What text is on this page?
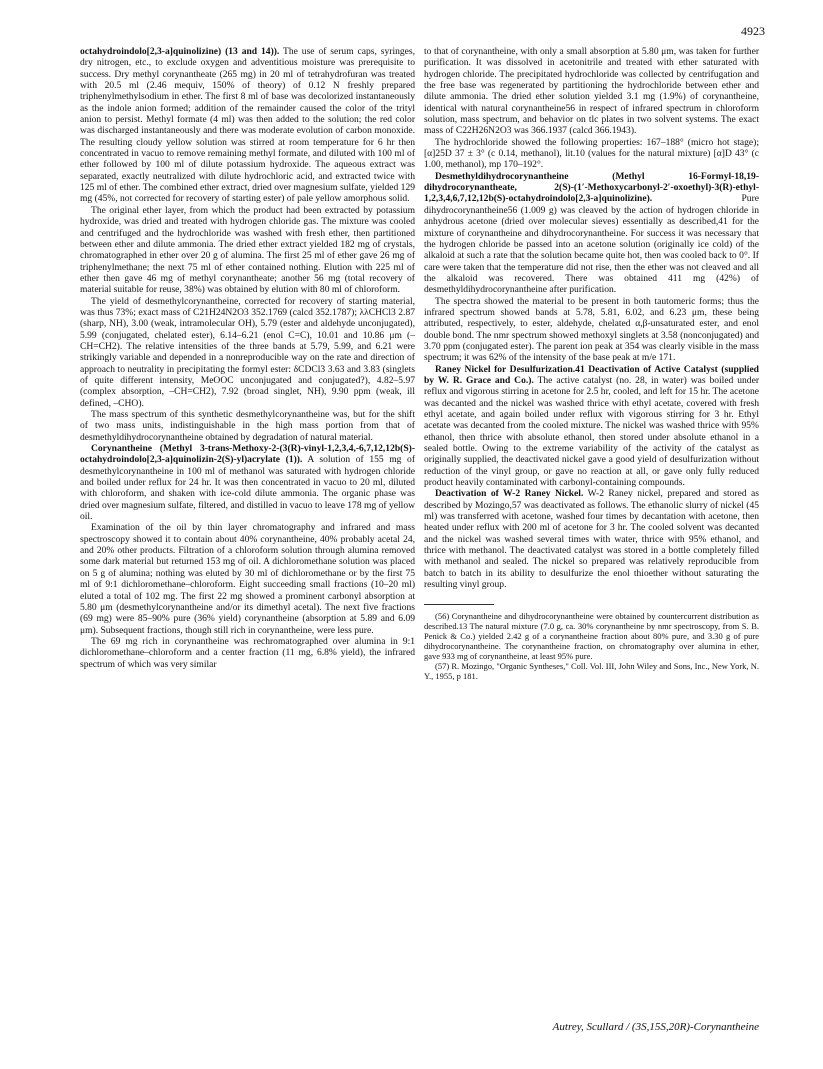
4923

octahydroindolo[2,3-a]quinolizine) (13 and 14)). The use of serum caps, syringes, dry nitrogen, etc., to exclude oxygen and adventitious moisture was prerequisite to success. Dry methyl corynantheate (265 mg) in 20 ml of tetrahydrofuran was treated with 20.5 ml (2.46 mequiv, 150% of theory) of 0.12 N freshly prepared triphenylmethylsodium in ether. The first 8 ml of base was decolorized instantaneously as the indole anion formed; addition of the remainder caused the color of the trityl anion to persist. Methyl formate (4 ml) was then added to the solution; the red color was discharged instantaneously and there was moderate evolution of carbon monoxide. The resulting cloudy yellow solution was stirred at room temperature for 6 hr then concentrated in vacuo to remove remaining methyl formate, and diluted with 100 ml of ether followed by 100 ml of dilute potassium hydroxide. The aqueous extract was separated, exactly neutralized with dilute hydrochloric acid, and extracted twice with 125 ml of ether. The combined ether extract, dried over magnesium sulfate, yielded 129 mg (45%, not corrected for recovery of starting ester) of pale yellow amorphous solid.

The original ether layer, from which the product had been extracted by potassium hydroxide, was dried and treated with hydrogen chloride gas. The mixture was cooled and centrifuged and the hydrochloride was washed with fresh ether, then partitioned between ether and dilute ammonia. The dried ether extract yielded 182 mg of crystals, chromatographed in ether over 20 g of alumina. The first 25 ml of ether gave 26 mg of triphenylmethane; the next 75 ml of ether contained nothing. Elution with 225 ml of ether then gave 46 mg of methyl corynantheate; another 56 mg (total recovery of material suitable for reuse, 38%) was obtained by elution with 80 ml of chloroform.

The yield of desmethylcorynantheine, corrected for recovery of starting material, was thus 73%; exact mass of C21H24N2O3 352.1769 (calcd 352.1787); λλCHCl3 2.87 (sharp, NH), 3.00 (weak, intramolecular OH), 5.79 (ester and aldehyde unconjugated), 5.99 (conjugated, chelated ester), 6.14–6.21 (enol C=C), 10.01 and 10.86 μm (–CH=CH2). The relative intensities of the three bands at 5.79, 5.99, and 6.21 were strikingly variable and depended in a nonreproducible way on the rate and direction of approach to neutrality in precipitating the formyl ester: δCDCl3 3.63 and 3.83 (singlets of quite different intensity, MeOOC unconjugated and conjugated?), 4.82–5.97 (complex absorption, –CH=CH2), 7.92 (broad singlet, NH), 9.90 ppm (weak, ill defined, –CHO).

The mass spectrum of this synthetic desmethylcorynantheine was, but for the shift of two mass units, indistinguishable in the high mass portion from that of desmethyldihydrocorynantheine obtained by degradation of natural material.

Corynantheine (Methyl 3-trans-Methoxy-2-(3(R)-vinyl-1,2,3,4,-6,7,12,12b(S)-octahydroindolo[2,3-a]quinolizin-2(S)-yl)acrylate (1)). A solution of 155 mg of desmethylcorynantheine in 100 ml of methanol was saturated with hydrogen chloride and boiled under reflux for 24 hr. It was then concentrated in vacuo to 20 ml, diluted with chloroform, and shaken with ice-cold dilute ammonia. The organic phase was dried over magnesium sulfate, filtered, and distilled in vacuo to leave 178 mg of yellow oil.

Examination of the oil by thin layer chromatography and infrared and mass spectroscopy showed it to contain about 40% corynantheine, 40% probably acetal 24, and 20% other products. Filtration of a chloroform solution through alumina removed some dark material but returned 153 mg of oil. A dichloromethane solution was placed on 5 g of alumina; nothing was eluted by 30 ml of dichloromethane or by the first 75 ml of 9:1 dichloromethane–chloroform. Eight succeeding small fractions (10–20 ml) eluted a total of 102 mg. The first 22 mg showed a prominent carbonyl absorption at 5.80 μm (desmethylcorynantheine and/or its dimethyl acetal). The next five fractions (69 mg) were 85–90% pure (36% yield) corynantheine (absorption at 5.89 and 6.09 μm). Subsequent fractions, though still rich in corynantheine, were less pure.

The 69 mg rich in corynantheine was rechromatographed over alumina in 9:1 dichloromethane–chloroform and a center fraction (11 mg, 6.8% yield), the infrared spectrum of which was very similar

to that of corynantheine, with only a small absorption at 5.80 μm, was taken for further purification. It was dissolved in acetonitrile and treated with ether saturated with hydrogen chloride. The precipitated hydrochloride was collected by centrifugation and the free base was regenerated by partitioning the hydrochloride between ether and dilute ammonia. The dried ether solution yielded 3.1 mg (1.9%) of corynantheine, identical with natural corynantheine56 in respect of infrared spectrum in chloroform solution, mass spectrum, and behavior on tlc plates in two solvent systems. The exact mass of C22H26N2O3 was 366.1937 (calcd 366.1943).

The hydrochloride showed the following properties: 167–188° (micro hot stage); [α]25D 37 ± 3° (c 0.14, methanol), lit.10 (values for the natural mixture) [α]D 43° (c 1.00, methanol), mp 170–192°.

Desmethyldihydrocorynantheine (Methyl 16-Formyl-18,19-dihydrocorynantheate, 2(S)-(1′-Methoxycarbonyl-2′-oxoethyl)-3(R)-ethyl-1,2,3,4,6,7,12,12b(S)-octahydroindolo[2,3-a]quinolizine). Pure dihydrocorynantheine56 (1.009 g) was cleaved by the action of hydrogen chloride in anhydrous acetone (dried over molecular sieves) essentially as described,41 for the mixture of corynantheine and dihydrocorynantheine. For success it was necessary that the hydrogen chloride be passed into an acetone solution (originally ice cold) of the alkaloid at such a rate that the solution became quite hot, then was cooled back to 0°. If care were taken that the temperature did not rise, then the ether was not cleaved and all the alkaloid was recovered. There was obtained 411 mg (42%) of desmethyldihydrocorynantheine after purification.

The spectra showed the material to be present in both tautomeric forms; thus the infrared spectrum showed bands at 5.78, 5.81, 6.02, and 6.23 μm, these being attributed, respectively, to ester, aldehyde, chelated α,β-unsaturated ester, and enol double bond. The nmr spectrum showed methoxyl singlets at 3.58 (nonconjugated) and 3.70 ppm (conjugated ester). The parent ion peak at 354 was clearly visible in the mass spectrum; it was 62% of the intensity of the base peak at m/e 171.

Raney Nickel for Desulfurization.41 Deactivation of Active Catalyst (supplied by W. R. Grace and Co.). The active catalyst (no. 28, in water) was boiled under reflux and vigorous stirring in acetone for 2.5 hr, cooled, and left for 15 hr. The acetone was decanted and the nickel was washed thrice with ethyl acetate, covered with fresh ethyl acetate, and again boiled under reflux with vigorous stirring for 3 hr. Ethyl acetate was decanted from the cooled mixture. The nickel was washed thrice with 95% ethanol, then thrice with absolute ethanol, then stored under absolute ethanol in a sealed bottle. Owing to the extreme variability of the activity of the catalyst as originally supplied, the deactivated nickel gave a good yield of desulfurization without reduction of the vinyl group, or gave no reaction at all, or gave only fully reduced product heavily contaminated with carbonyl-containing compounds.

Deactivation of W-2 Raney Nickel. W-2 Raney nickel, prepared and stored as described by Mozingo,57 was deactivated as follows. The ethanolic slurry of nickel (45 ml) was transferred with acetone, washed four times by decantation with acetone, then heated under reflux with 200 ml of acetone for 3 hr. The cooled solvent was decanted and the nickel was washed several times with water, thrice with 95% ethanol, and thrice with methanol. The deactivated catalyst was stored in a bottle completely filled with methanol and sealed. The nickel so prepared was relatively reproducible from batch to batch in its ability to desulfurize the enol thioether without saturating the resulting vinyl group.

(56) Corynantheine and dihydrocorynantheine were obtained by countercurrent distribution as described.13 The natural mixture (7.0 g, ca. 30% corynantheine by nmr spectroscopy, from S. B. Penick & Co.) yielded 2.42 g of a corynantheine fraction about 80% pure, and 3.30 g of pure dihydrocorynantheine. The corynantheine fraction, on chromatography over alumina in ether, gave 933 mg of corynantheine, at least 95% pure.

(57) R. Mozingo, "Organic Syntheses," Coll. Vol. III, John Wiley and Sons, Inc., New York, N. Y., 1955, p 181.

Autrey, Scullard / (3S,15S,20R)-Corynantheine
